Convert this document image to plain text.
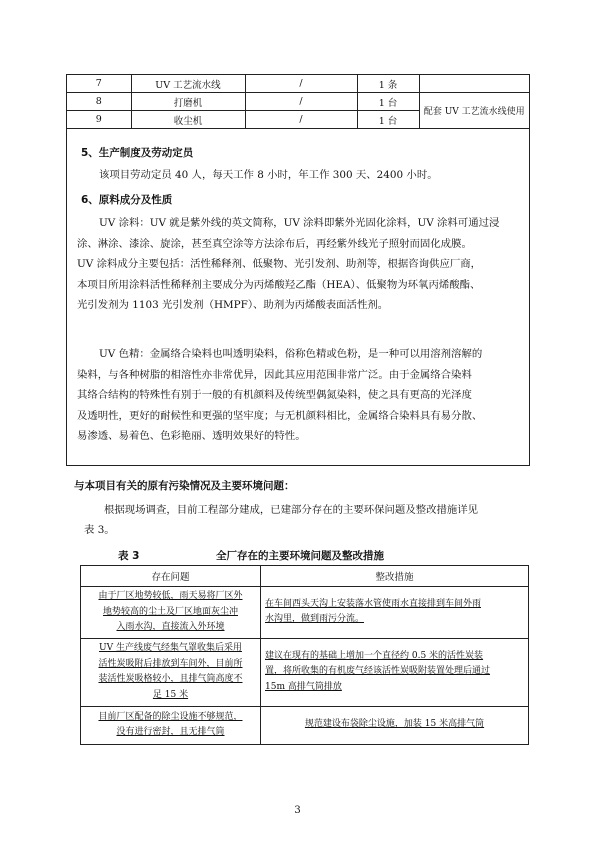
7	UV 工艺流水线	/	1 条	
8	打磨机	/	1 台	配套 UV 工艺流水线使用
9	收尘机	/	1 台	
5、生产制度及劳动定员
该项目劳动定员 40 人，每天工作 8 小时，年工作 300 天、2400 小时。
6、原料成分及性质
UV 涂料：UV 就是紫外线的英文简称，UV 涂料即紫外光固化涂料，UV 涂料可通过浸
涂、淋涂、漆涂、旋涂，甚至真空涂等方法涂布后，再经紫外线光子照射而固化成膜。
UV 涂料成分主要包括：活性稀释剂、低聚物、光引发剂、助剂等，根据咨询供应厂商，
本项目所用涂料活性稀释剂主要成分为丙烯酸羟乙酯（HEA）、低聚物为环氧丙烯酸酯、
光引发剂为 1103 光引发剂（HMPF）、助剂为丙烯酸表面活性剂。
UV 色精：金属络合染料也叫透明染料，俗称色精或色粉，是一种可以用溶剂溶解的
染料，与各种树脂的相溶性亦非常优异，因此其应用范围非常广泛。由于金属络合染料
其络合结构的特殊性有别于一般的有机颜料及传统型偶氮染料，使之具有更高的光泽度
及透明性，更好的耐候性和更强的坚牢度；与无机颜料相比，金属络合染料具有易分散、
易渗透、易着色、色彩艳丽、透明效果好的特性。
与本项目有关的原有污染情况及主要环境问题：
根据现场调查，目前工程部分建成，已建部分存在的主要环保问题及整改措施详见
表 3。
表 3	全厂存在的主要环境问题及整改措施
存在问题	整改措施

由于厂区地势较低，雨天易将厂区外
地势较高的尘土及厂区地面灰尘冲
入雨水沟，直接流入外环境	在车间西头天沟上安装落水管使雨水直接排到车间外雨
水沟里，做到雨污分流。

UV 生产线废气经集气罩收集后采用
活性炭吸附后排放到车间外，目前所
装活性炭吸格较小，且排气筒高度不
足 15 米	建议在现有的基础上增加一个直径约 0.5 米的活性炭装
置，将所收集的有机废气经该活性炭吸附装置处理后通过
15m 高排气筒排放

目前厂区配备的除尘设施不够规范，
没有进行密封，且无排气筒	规范建设布袋除尘设施，加装 15 米高排气筒
3
